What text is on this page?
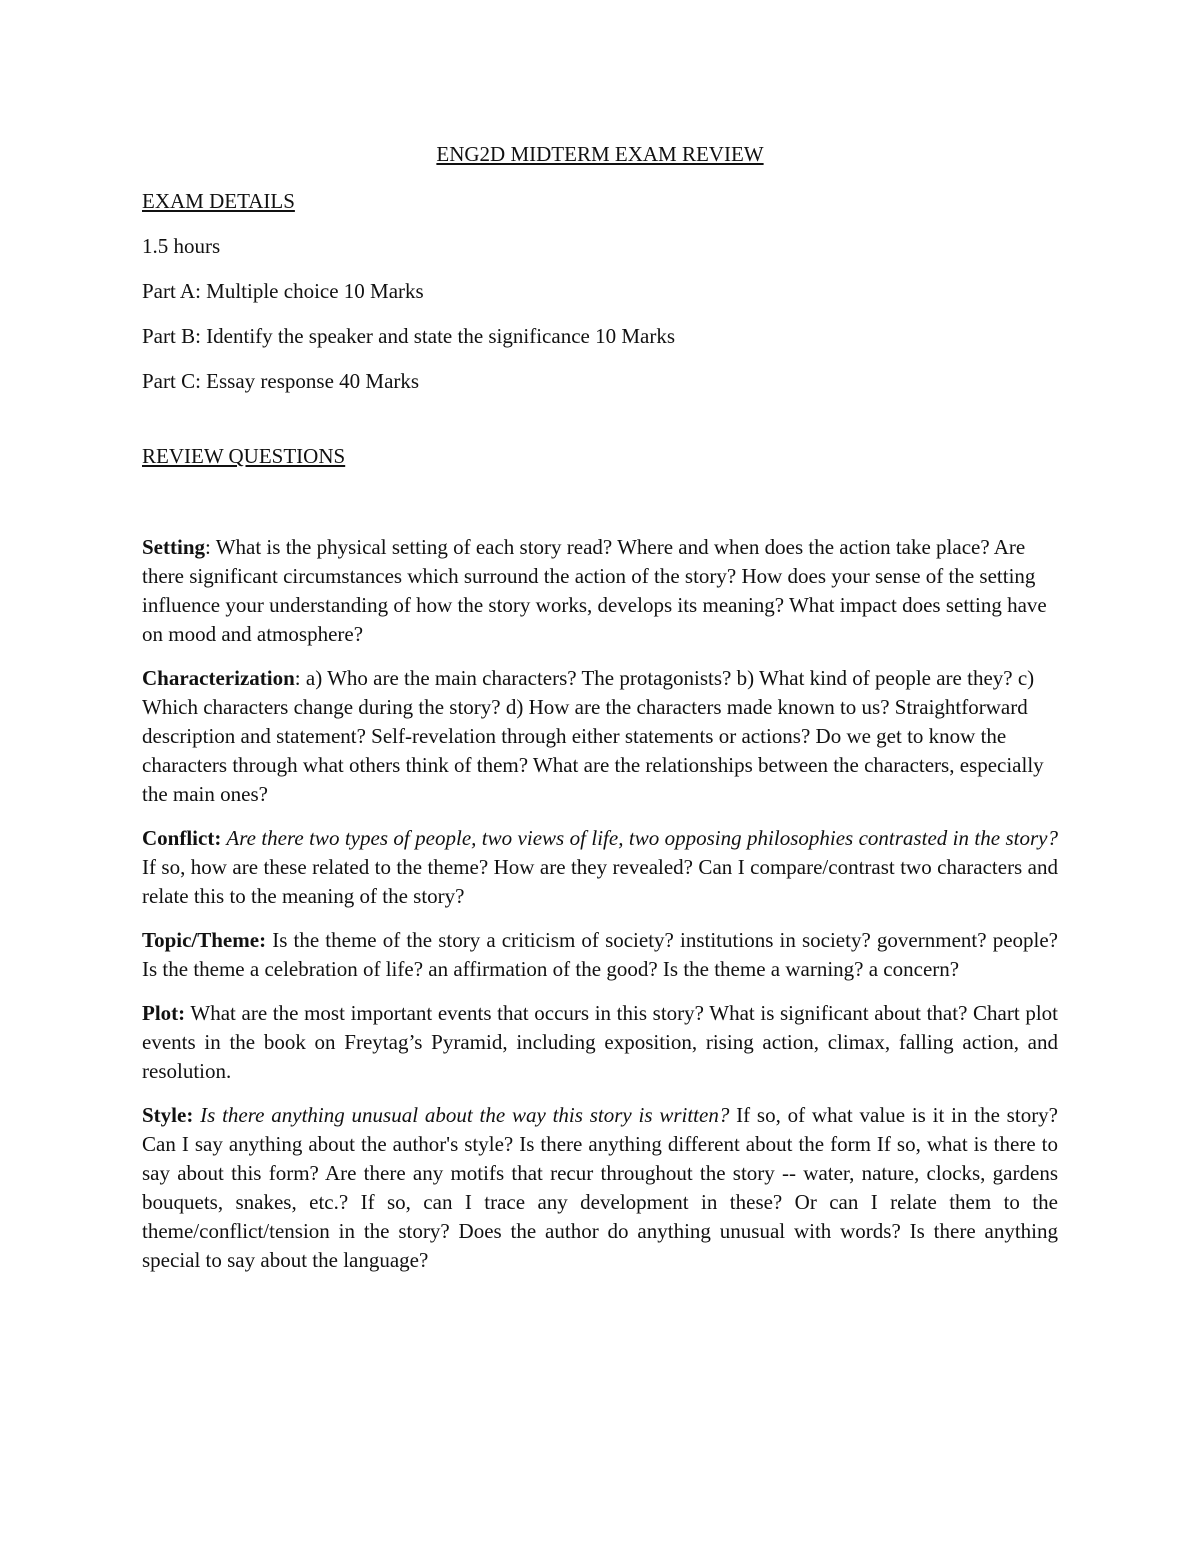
ENG2D MIDTERM EXAM REVIEW
EXAM DETAILS
1.5 hours
Part A: Multiple choice 10 Marks
Part B: Identify the speaker and state the significance 10 Marks
Part C: Essay response 40 Marks
REVIEW QUESTIONS

Setting: What is the physical setting of each story read? Where and when does the action take place? Are there significant circumstances which surround the action of the story? How does your sense of the setting influence your understanding of how the story works, develops its meaning? What impact does setting have on mood and atmosphere?

Characterization: a) Who are the main characters? The protagonists? b) What kind of people are they? c) Which characters change during the story? d) How are the characters made known to us? Straightforward description and statement? Self-revelation through either statements or actions? Do we get to know the characters through what others think of them? What are the relationships between the characters, especially the main ones?

Conflict: Are there two types of people, two views of life, two opposing philosophies contrasted in the story? If so, how are these related to the theme? How are they revealed? Can I compare/contrast two characters and relate this to the meaning of the story?

Topic/Theme: Is the theme of the story a criticism of society? institutions in society? government? people? Is the theme a celebration of life? an affirmation of the good? Is the theme a warning? a concern?

Plot: What are the most important events that occurs in this story? What is significant about that? Chart plot events in the book on Freytag’s Pyramid, including exposition, rising action, climax, falling action, and resolution.

Style: Is there anything unusual about the way this story is written? If so, of what value is it in the story? Can I say anything about the author's style? Is there anything different about the form If so, what is there to say about this form? Are there any motifs that recur throughout the story -- water, nature, clocks, gardens bouquets, snakes, etc.? If so, can I trace any development in these? Or can I relate them to the theme/conflict/tension in the story? Does the author do anything unusual with words? Is there anything special to say about the language?
